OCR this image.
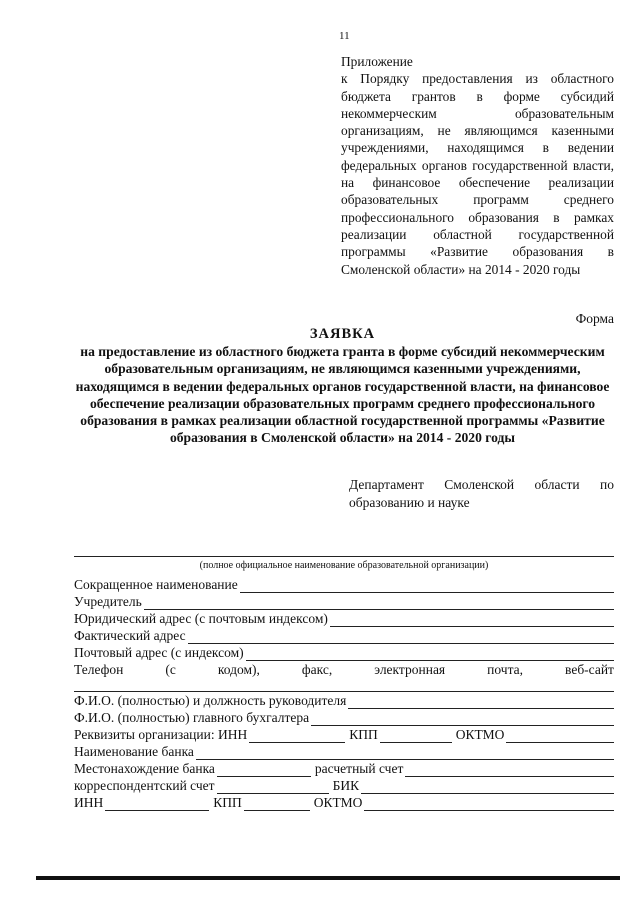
11
Приложение
к Порядку предоставления из областного бюджета грантов в форме субсидий некоммерческим образовательным организациям, не являющимся казенными учреждениями, находящимся в ведении федеральных органов государственной власти, на финансовое обеспечение реализации образовательных программ среднего профессионального образования в рамках реализации областной государственной программы «Развитие образования в Смоленской области» на 2014 - 2020 годы
Форма
ЗАЯВКА
на предоставление из областного бюджета гранта в форме субсидий некоммерческим образовательным организациям, не являющимся казенными учреждениями, находящимся в ведении федеральных органов государственной власти, на финансовое обеспечение реализации образовательных программ среднего профессионального образования в рамках реализации областной государственной программы «Развитие образования в Смоленской области» на 2014 - 2020 годы
Департамент Смоленской области по образованию и науке
(полное официальное наименование образовательной организации)
Сокращенное наименование
Учредитель
Юридический адрес (с почтовым индексом)
Фактический адрес
Почтовый адрес (с индексом)
Телефон	(с	кодом),	факс,	электронная	почта,	веб-сайт
Ф.И.О. (полностью) и должность руководителя
Ф.И.О. (полностью) главного бухгалтера
Реквизиты организации: ИНН	КПП	ОКТМО
Наименование банка
Местонахождение банка	расчетный счет
корреспондентский счет	БИК
ИНН	КПП	ОКТМО
